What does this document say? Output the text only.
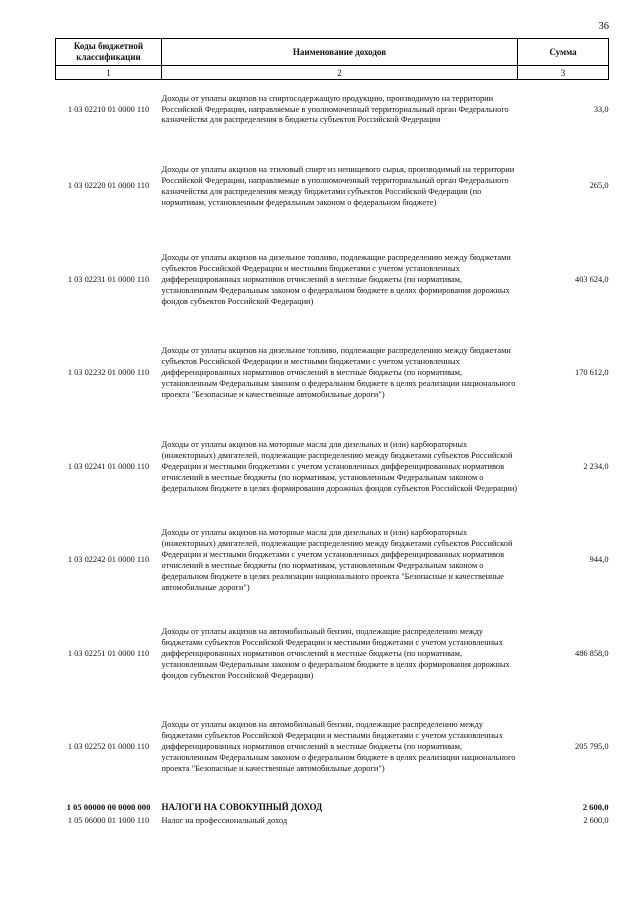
36
Коды бюджетной классификации	Наименование доходов	Сумма
1	2	3
1 03 02210 01 0000 110	Доходы от уплаты акцизов на спиртосодержащую продукцию, производимую на территории Российской Федерации, направляемые в уполномоченный территориальный орган Федерального казначейства для распределения в бюджеты субъектов Российской Федерации	33,0
1 03 02220 01 0000 110	Доходы от уплаты акцизов на этиловый спирт из непищевого сырья, производимый на территории Российской Федерации, направляемые в уполномоченный территориальный орган Федерального казначейства для распределения между бюджетами субъектов Российской Федерации (по нормативам, установленным федеральным законом о федеральном бюджете)	265,0
1 03 02231 01 0000 110	Доходы от уплаты акцизов на дизельное топливо, подлежащие распределению между бюджетами субъектов Российской Федерации и местными бюджетами с учетом установленных дифференцированных нормативов отчислений в местные бюджеты (по нормативам, установленным Федеральным законом о федеральном бюджете в целях формирования дорожных фондов субъектов Российской Федерации)	403 624,0
1 03 02232 01 0000 110	Доходы от уплаты акцизов на дизельное топливо, подлежащие распределению между бюджетами субъектов Российской Федерации и местными бюджетами с учетом установленных дифференцированных нормативов отчислений в местные бюджеты (по нормативам, установленным Федеральным законом о федеральном бюджете в целях реализации национального проекта "Безопасные и качественные автомобильные дороги")	170 612,0
1 03 02241 01 0000 110	Доходы от уплаты акцизов на моторные масла для дизельных и (или) карбюраторных (инжекторных) двигателей, подлежащие распределению между бюджетами субъектов Российской Федерации и местными бюджетами с учетом установленных дифференцированных нормативов отчислений в местные бюджеты (по нормативам, установленным Федеральным законом о федеральном бюджете в целях формирования дорожных фондов субъектов Российской Федерации)	2 234,0
1 03 02242 01 0000 110	Доходы от уплаты акцизов на моторные масла для дизельных и (или) карбюраторных (инжекторных) двигателей, подлежащие распределению между бюджетами субъектов Российской Федерации и местными бюджетами с учетом установленных дифференцированных нормативов отчислений в местные бюджеты (по нормативам, установленным Федеральным законом о федеральном бюджете в целях реализации национального проекта "Безопасные и качественные автомобильные дороги")	944,0
1 03 02251 01 0000 110	Доходы от уплаты акцизов на автомобильный бензин, подлежащие распределению между бюджетами субъектов Российской Федерации и местными бюджетами с учетом установленных дифференцированных нормативов отчислений в местные бюджеты (по нормативам, установленным Федеральным законом о федеральном бюджете в целях формирования дорожных фондов субъектов Российской Федерации)	486 858,0
1 03 02252 01 0000 110	Доходы от уплаты акцизов на автомобильный бензин, подлежащие распределению между бюджетами субъектов Российской Федерации и местными бюджетами с учетом установленных дифференцированных нормативов отчислений в местные бюджеты (по нормативам, установленным Федеральным законом о федеральном бюджете в целях реализации национального проекта "Безопасные и качественные автомобильные дороги")	205 795,0
1 05 00000 00 0000 000	НАЛОГИ НА СОВОКУПНЫЙ ДОХОД	2 600,0
1 05 06000 01 1000 110	Налог на профессиональный доход	2 600,0
